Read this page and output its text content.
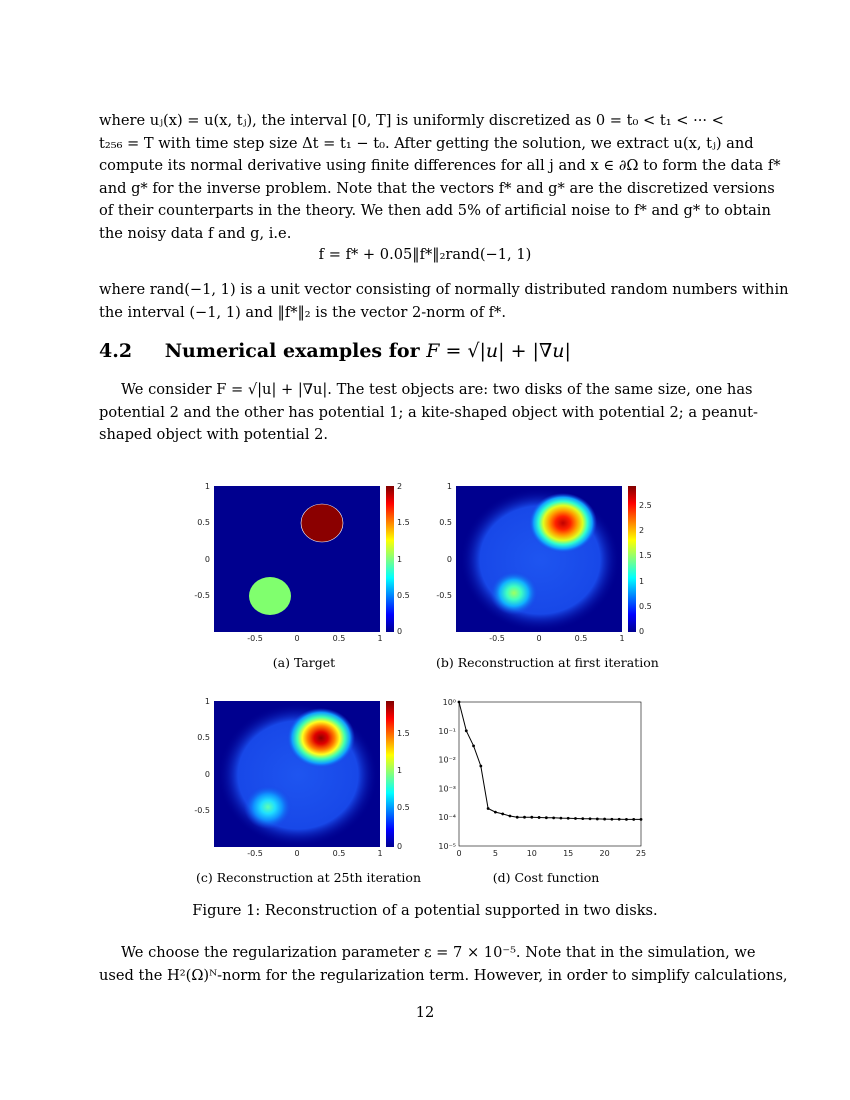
where uⱼ(x) = u(x, tⱼ), the interval [0, T] is uniformly discretized as 0 = t₀ < t₁ < ··· <
t₂₅₆ = T with time step size Δt = t₁ − t₀. After getting the solution, we extract u(x, tⱼ) and
compute its normal derivative using finite differences for all j and x ∈ ∂Ω to form the data f*
and g* for the inverse problem. Note that the vectors f* and g* are the discretized versions
of their counterparts in the theory. We then add 5% of artificial noise to f* and g* to obtain
the noisy data f and g, i.e.
f = f* + 0.05‖f*‖₂rand(−1, 1)
where rand(−1, 1) is a unit vector consisting of normally distributed random numbers within
the interval (−1, 1) and ‖f*‖₂ is the vector 2-norm of f*.
4.2 Numerical examples for F = √|u| + |∇u|
We consider F = √|u| + |∇u|. The test objects are: two disks of the same size, one has
potential 2 and the other has potential 1; a kite-shaped object with potential 2; a peanut-
shaped object with potential 2.
1
0.5
0
-0.5
-0.5	0	0.5	1
2
1.5
1
0.5
0
1
0.5
0
-0.5
-0.5	0	0.5	1
2.5
2
1.5
1
0.5
0
1
0.5
0
-0.5
-0.5	0	0.5	1
1.5
1
0.5
0
10⁰
10⁻¹
10⁻²
10⁻³
10⁻⁴
10⁻⁵
0	5	10	15	20	25
(a) Target	(b) Reconstruction at first iteration
(c) Reconstruction at 25th iteration	(d) Cost function
Figure 1: Reconstruction of a potential supported in two disks.
We choose the regularization parameter ε = 7 × 10⁻⁵. Note that in the simulation, we
used the H²(Ω)ᴺ-norm for the regularization term. However, in order to simplify calculations,
12
